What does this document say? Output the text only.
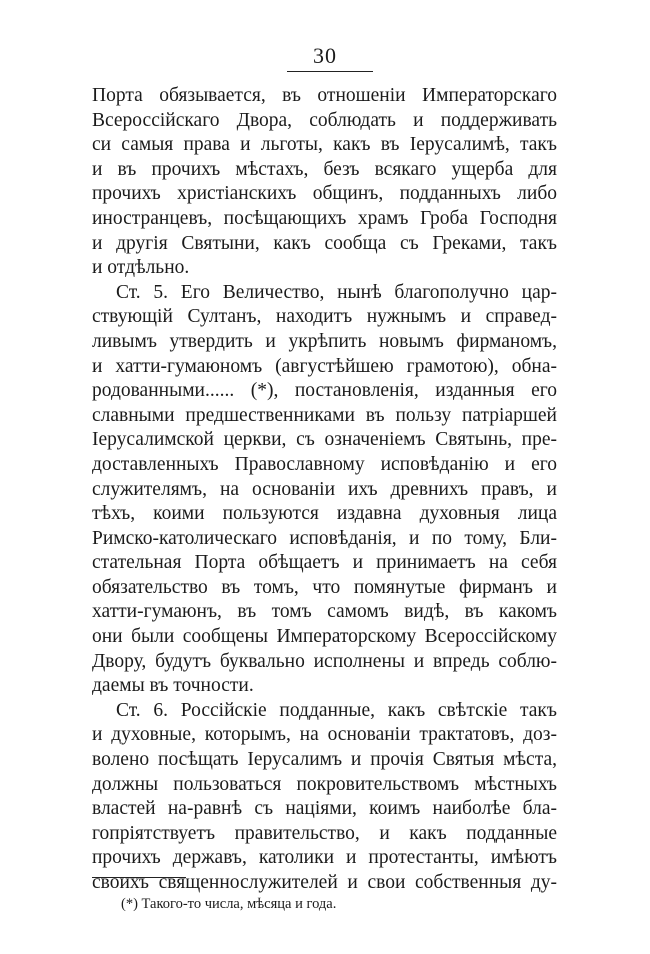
30
Порта обязывается, въ отношеніи Императорскаго
Всероссійскаго Двора, соблюдать и поддерживать
си самыя права и льготы, какъ въ Іерусалимѣ, такъ
и въ прочихъ мѣстахъ, безъ всякаго ущерба для
прочихъ христіанскихъ общинъ, подданныхъ либо
иностранцевъ, посѣщающихъ храмъ Гроба Господня
и другія Святыни, какъ сообща съ Греками, такъ
и отдѣльно.
Ст. 5. Его Величество, нынѣ благополучно цар-
ствующій Султанъ, находитъ нужнымъ и справед-
ливымъ утвердить и укрѣпить новымъ фирманомъ,
и хатти-гумаюномъ (августѣйшею грамотою), обна-
родованными...... (*), постановленія, изданныя его
славными предшественниками въ пользу патріаршей
Іерусалимской церкви, съ означеніемъ Святынь, пре-
доставленныхъ Православному исповѣданію и его
служителямъ, на основаніи ихъ древнихъ правъ, и
тѣхъ, коими пользуются издавна духовныя лица
Римско-католическаго исповѣданія, и по тому, Бли-
стательная Порта обѣщаетъ и принимаетъ на себя
обязательство въ томъ, что помянутые фирманъ и
хатти-гумаюнъ, въ томъ самомъ видѣ, въ какомъ
они были сообщены Императорскому Всероссійскому
Двору, будутъ буквально исполнены и впредь соблю-
даемы въ точности.
Ст. 6. Россійскіе подданные, какъ свѣтскіе такъ
и духовные, которымъ, на основаніи трактатовъ, доз-
волено посѣщать Іерусалимъ и прочія Святыя мѣста,
должны пользоваться покровительствомъ мѣстныхъ
властей на-равнѣ съ націями, коимъ наиболѣе бла-
гопріятствуетъ правительство, и какъ подданные
прочихъ державъ, католики и протестанты, имѣютъ
своихъ священнослужителей и свои собственныя ду-
(*) Такого-то числа, мѣсяца и года.
